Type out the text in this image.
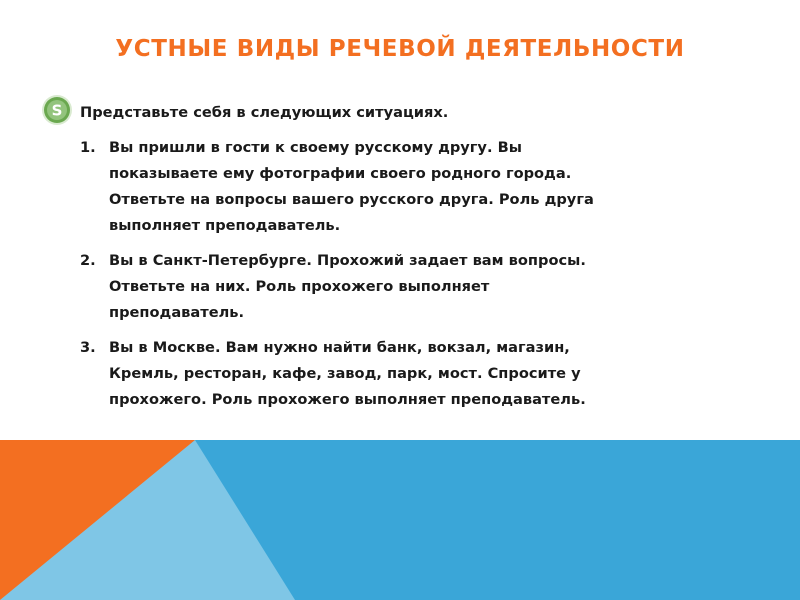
УСТНЫЕ ВИДЫ РЕЧЕВОЙ ДЕЯТЕЛЬНОСТИ
S Представьте себя в следующих ситуациях.

1. Вы пришли в гости к своему русскому другу. Вы
показываете ему фотографии своего родного города.
Ответьте на вопросы вашего русского друга. Роль друга
выполняет преподаватель.
2. Вы в Санкт-Петербурге. Прохожий задает вам вопросы.
Ответьте на них. Роль прохожего выполняет
преподаватель.
3. Вы в Москве. Вам нужно найти банк, вокзал, магазин,
Кремль, ресторан, кафе, завод, парк, мост. Спросите у
прохожего. Роль прохожего выполняет преподаватель.
